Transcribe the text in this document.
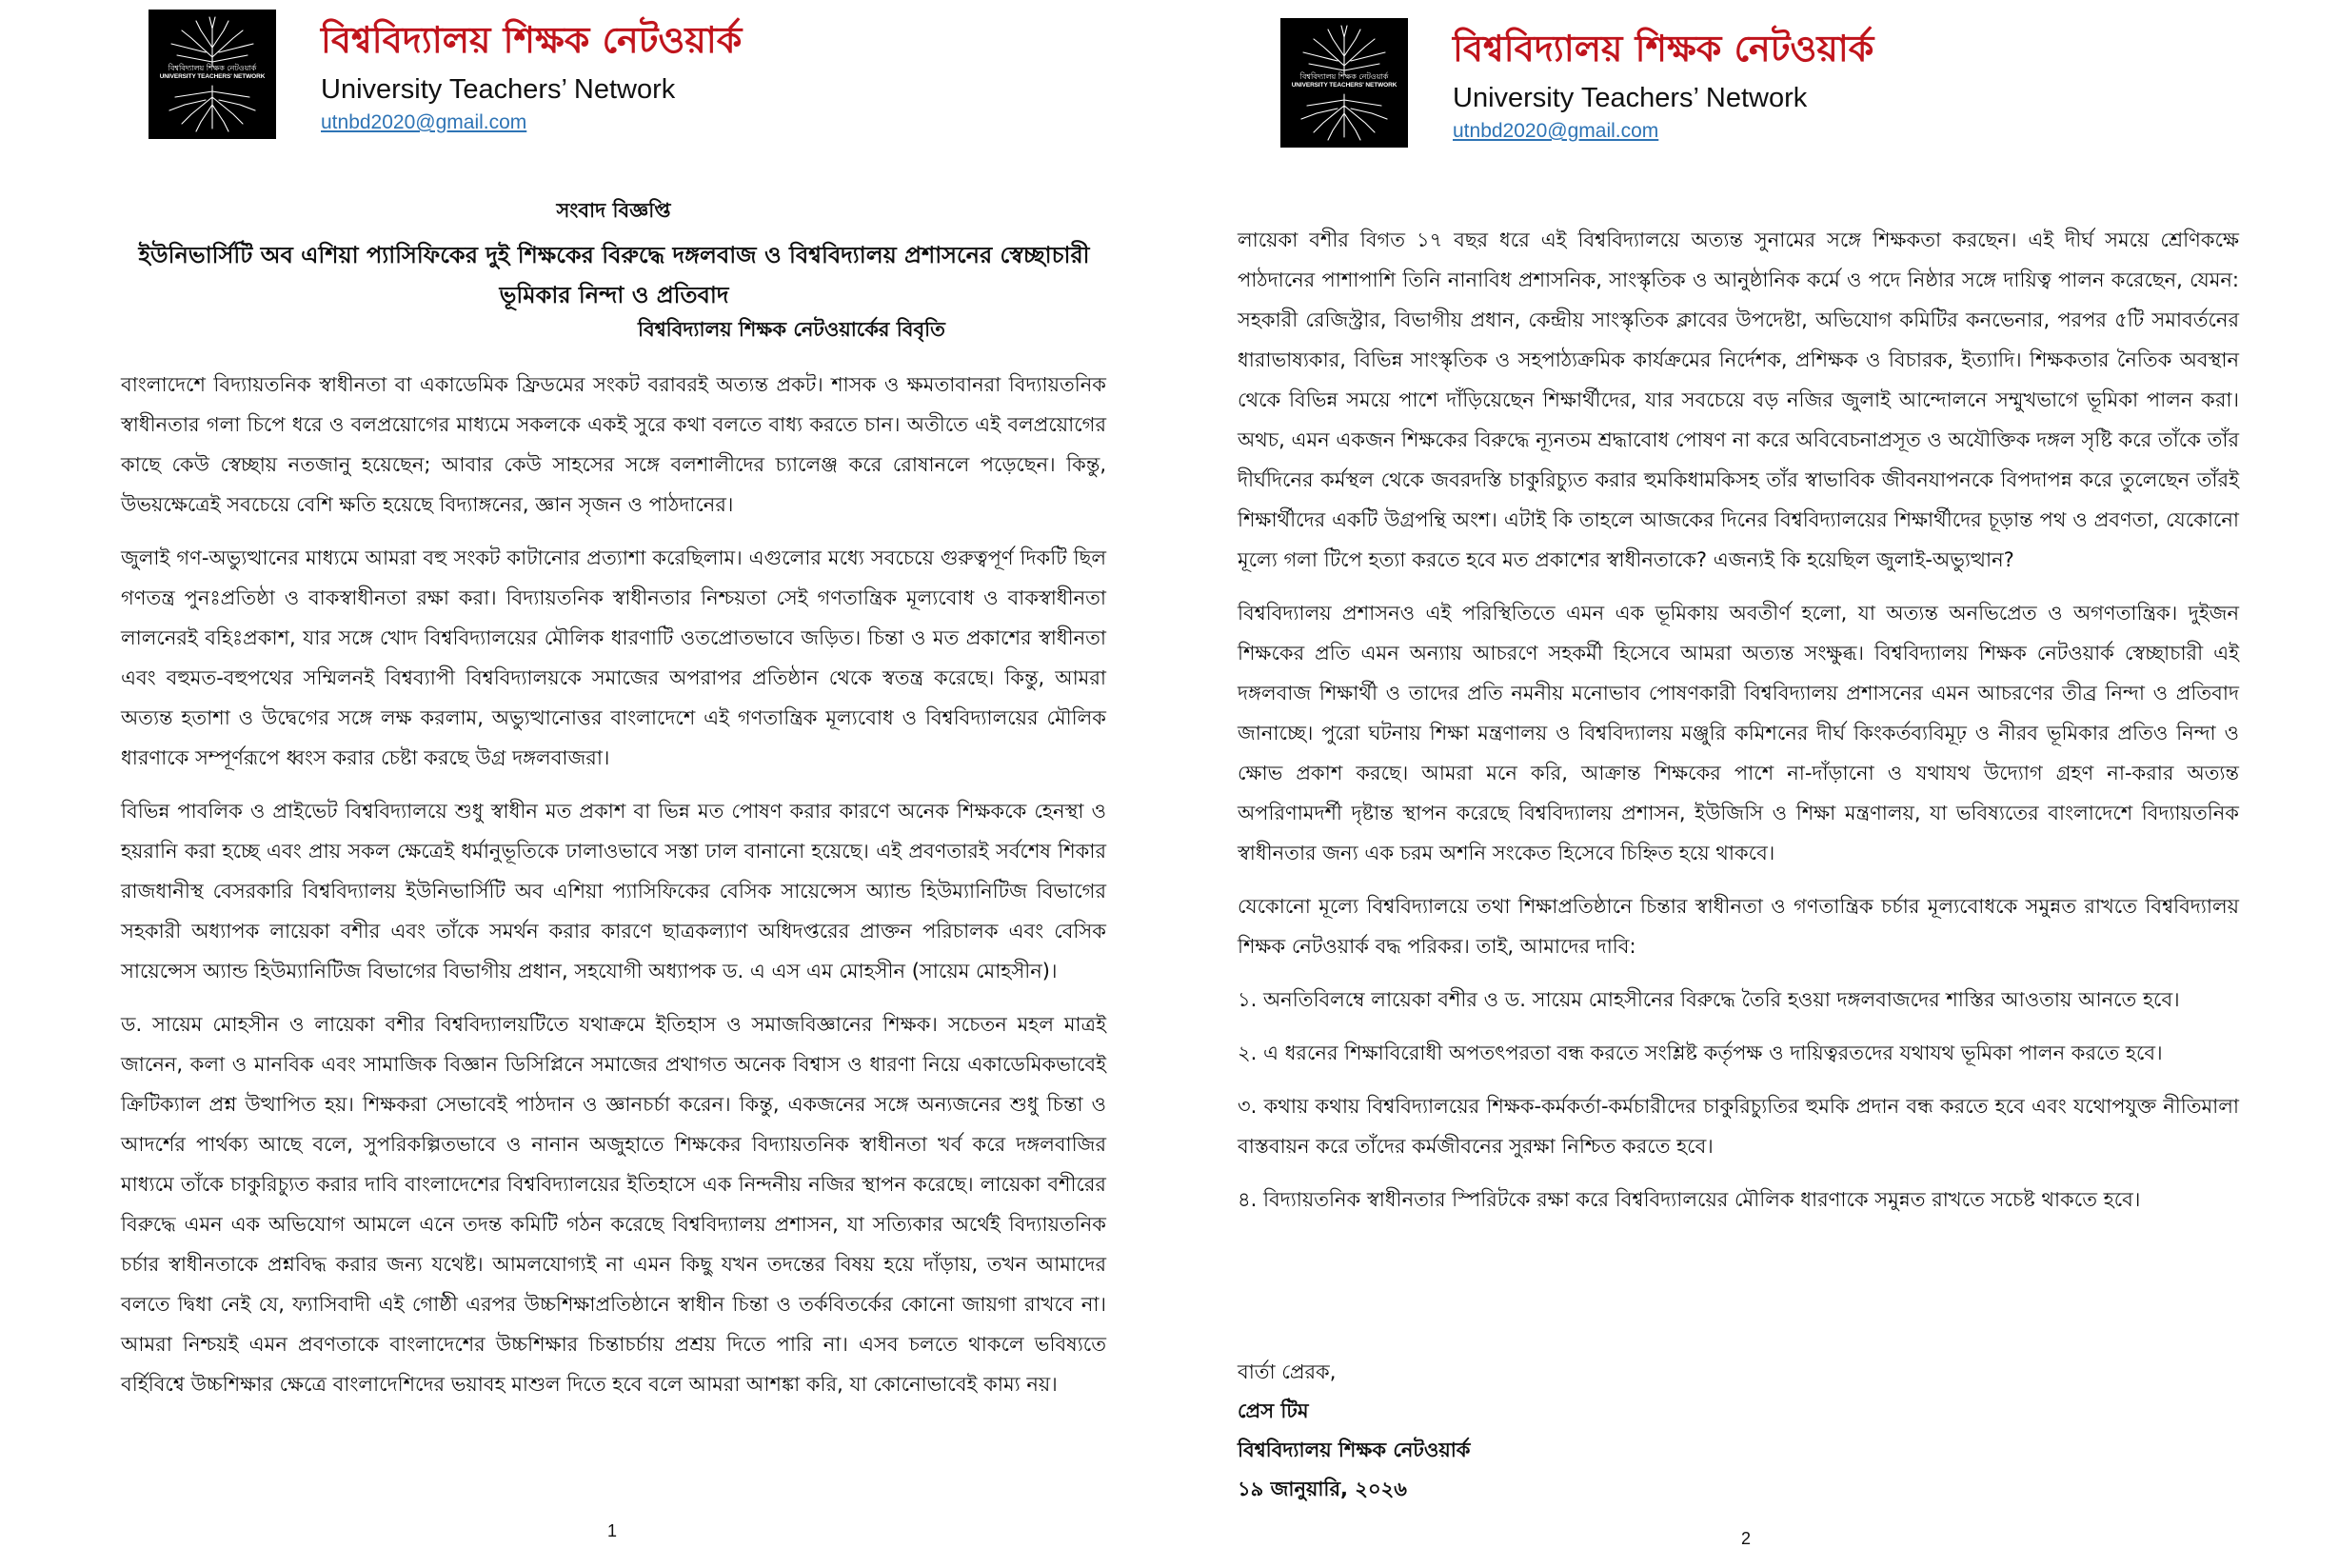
বিশ্ববিদ্যালয় শিক্ষক নেটওয়ার্ক
UNIVERSITY TEACHERS' NETWORK
বিশ্ববিদ্যালয় শিক্ষক নেটওয়ার্ক
University Teachers’ Network
utnbd2020@gmail.com
সংবাদ বিজ্ঞপ্তি
ইউনিভার্সিটি অব এশিয়া প্যাসিফিকের দুই শিক্ষকের বিরুদ্ধে দঙ্গলবাজ ও বিশ্ববিদ্যালয় প্রশাসনের স্বেচ্ছাচারী ভূমিকার নিন্দা ও প্রতিবাদ
বিশ্ববিদ্যালয় শিক্ষক নেটওয়ার্কের বিবৃতি

বাংলাদেশে বিদ্যায়তনিক স্বাধীনতা বা একাডেমিক ফ্রিডমের সংকট বরাবরই অত্যন্ত প্রকট। শাসক ও ক্ষমতাবানরা বিদ্যায়তনিক স্বাধীনতার গলা চিপে ধরে ও বলপ্রয়োগের মাধ্যমে সকলকে একই সুরে কথা বলতে বাধ্য করতে চান। অতীতে এই বলপ্রয়োগের কাছে কেউ স্বেচ্ছায় নতজানু হয়েছেন; আবার কেউ সাহসের সঙ্গে বলশালীদের চ্যালেঞ্জ করে রোষানলে পড়েছেন। কিন্তু, উভয়ক্ষেত্রেই সবচেয়ে বেশি ক্ষতি হয়েছে বিদ্যাঙ্গনের, জ্ঞান সৃজন ও পাঠদানের।

জুলাই গণ-অভ্যুত্থানের মাধ্যমে আমরা বহু সংকট কাটানোর প্রত্যাশা করেছিলাম। এগুলোর মধ্যে সবচেয়ে গুরুত্বপূর্ণ দিকটি ছিল গণতন্ত্র পুনঃপ্রতিষ্ঠা ও বাকস্বাধীনতা রক্ষা করা। বিদ্যায়তনিক স্বাধীনতার নিশ্চয়তা সেই গণতান্ত্রিক মূল্যবোধ ও বাকস্বাধীনতা লালনেরই বহিঃপ্রকাশ, যার সঙ্গে খোদ বিশ্ববিদ্যালয়ের মৌলিক ধারণাটি ওতপ্রোতভাবে জড়িত। চিন্তা ও মত প্রকাশের স্বাধীনতা এবং বহুমত-বহুপথের সম্মিলনই বিশ্বব্যাপী বিশ্ববিদ্যালয়কে সমাজের অপরাপর প্রতিষ্ঠান থেকে স্বতন্ত্র করেছে। কিন্তু, আমরা অত্যন্ত হতাশা ও উদ্বেগের সঙ্গে লক্ষ করলাম, অভ্যুত্থানোত্তর বাংলাদেশে এই গণতান্ত্রিক মূল্যবোধ ও বিশ্ববিদ্যালয়ের মৌলিক ধারণাকে সম্পূর্ণরূপে ধ্বংস করার চেষ্টা করছে উগ্র দঙ্গলবাজরা।

বিভিন্ন পাবলিক ও প্রাইভেট বিশ্ববিদ্যালয়ে শুধু স্বাধীন মত প্রকাশ বা ভিন্ন মত পোষণ করার কারণে অনেক শিক্ষককে হেনস্থা ও হয়রানি করা হচ্ছে এবং প্রায় সকল ক্ষেত্রেই ধর্মানুভূতিকে ঢালাওভাবে সস্তা ঢাল বানানো হয়েছে। এই প্রবণতারই সর্বশেষ শিকার রাজধানীস্থ বেসরকারি বিশ্ববিদ্যালয় ইউনিভার্সিটি অব এশিয়া প্যাসিফিকের বেসিক সায়েন্সেস অ্যান্ড হিউম্যানিটিজ বিভাগের সহকারী অধ্যাপক লায়েকা বশীর এবং তাঁকে সমর্থন করার কারণে ছাত্রকল্যাণ অধিদপ্তরের প্রাক্তন পরিচালক এবং বেসিক সায়েন্সেস অ্যান্ড হিউম্যানিটিজ বিভাগের বিভাগীয় প্রধান, সহযোগী অধ্যাপক ড. এ এস এম মোহসীন (সায়েম মোহসীন)।

ড. সায়েম মোহসীন ও লায়েকা বশীর বিশ্ববিদ্যালয়টিতে যথাক্রমে ইতিহাস ও সমাজবিজ্ঞানের শিক্ষক। সচেতন মহল মাত্রই জানেন, কলা ও মানবিক এবং সামাজিক বিজ্ঞান ডিসিপ্লিনে সমাজের প্রথাগত অনেক বিশ্বাস ও ধারণা নিয়ে একাডেমিকভাবেই ক্রিটিক্যাল প্রশ্ন উত্থাপিত হয়। শিক্ষকরা সেভাবেই পাঠদান ও জ্ঞানচর্চা করেন। কিন্তু, একজনের সঙ্গে অন্যজনের শুধু চিন্তা ও আদর্শের পার্থক্য আছে বলে, সুপরিকল্পিতভাবে ও নানান অজুহাতে শিক্ষকের বিদ্যায়তনিক স্বাধীনতা খর্ব করে দঙ্গলবাজির মাধ্যমে তাঁকে চাকুরিচ্যুত করার দাবি বাংলাদেশের বিশ্ববিদ্যালয়ের ইতিহাসে এক নিন্দনীয় নজির স্থাপন করেছে। লায়েকা বশীরের বিরুদ্ধে এমন এক অভিযোগ আমলে এনে তদন্ত কমিটি গঠন করেছে বিশ্ববিদ্যালয় প্রশাসন, যা সত্যিকার অর্থেই বিদ্যায়তনিক চর্চার স্বাধীনতাকে প্রশ্নবিদ্ধ করার জন্য যথেষ্ট। আমলযোগ্যই না এমন কিছু যখন তদন্তের বিষয় হয়ে দাঁড়ায়, তখন আমাদের বলতে দ্বিধা নেই যে, ফ্যাসিবাদী এই গোষ্ঠী এরপর উচ্চশিক্ষাপ্রতিষ্ঠানে স্বাধীন চিন্তা ও তর্কবিতর্কের কোনো জায়গা রাখবে না। আমরা নিশ্চয়ই এমন প্রবণতাকে বাংলাদেশের উচ্চশিক্ষার চিন্তাচর্চায় প্রশ্রয় দিতে পারি না। এসব চলতে থাকলে ভবিষ্যতে বর্হিবিশ্বে উচ্চশিক্ষার ক্ষেত্রে বাংলাদেশিদের ভয়াবহ মাশুল দিতে হবে বলে আমরা আশঙ্কা করি, যা কোনোভাবেই কাম্য নয়।

1
বিশ্ববিদ্যালয় শিক্ষক নেটওয়ার্ক
UNIVERSITY TEACHERS' NETWORK
বিশ্ববিদ্যালয় শিক্ষক নেটওয়ার্ক
University Teachers’ Network
utnbd2020@gmail.com

লায়েকা বশীর বিগত ১৭ বছর ধরে এই বিশ্ববিদ্যালয়ে অত্যন্ত সুনামের সঙ্গে শিক্ষকতা করছেন। এই দীর্ঘ সময়ে শ্রেণিকক্ষে পাঠদানের পাশাপাশি তিনি নানাবিধ প্রশাসনিক, সাংস্কৃতিক ও আনুষ্ঠানিক কর্মে ও পদে নিষ্ঠার সঙ্গে দায়িত্ব পালন করেছেন, যেমন: সহকারী রেজিস্ট্রার, বিভাগীয় প্রধান, কেন্দ্রীয় সাংস্কৃতিক ক্লাবের উপদেষ্টা, অভিযোগ কমিটির কনভেনার, পরপর ৫টি সমাবর্তনের ধারাভাষ্যকার, বিভিন্ন সাংস্কৃতিক ও সহপাঠ্যক্রমিক কার্যক্রমের নির্দেশক, প্রশিক্ষক ও বিচারক, ইত্যাদি। শিক্ষকতার নৈতিক অবস্থান থেকে বিভিন্ন সময়ে পাশে দাঁড়িয়েছেন শিক্ষার্থীদের, যার সবচেয়ে বড় নজির জুলাই আন্দোলনে সম্মুখভাগে ভূমিকা পালন করা। অথচ, এমন একজন শিক্ষকের বিরুদ্ধে ন্যূনতম শ্রদ্ধাবোধ পোষণ না করে অবিবেচনাপ্রসূত ও অযৌক্তিক দঙ্গল সৃষ্টি করে তাঁকে তাঁর দীর্ঘদিনের কর্মস্থল থেকে জবরদস্তি চাকুরিচ্যুত করার হুমকিধামকিসহ তাঁর স্বাভাবিক জীবনযাপনকে বিপদাপন্ন করে তুলেছেন তাঁরই শিক্ষার্থীদের একটি উগ্রপন্থি অংশ। এটাই কি তাহলে আজকের দিনের বিশ্ববিদ্যালয়ের শিক্ষার্থীদের চূড়ান্ত পথ ও প্রবণতা, যেকোনো মূল্যে গলা টিপে হত্যা করতে হবে মত প্রকাশের স্বাধীনতাকে? এজন্যই কি হয়েছিল জুলাই-অভ্যুত্থান?

বিশ্ববিদ্যালয় প্রশাসনও এই পরিস্থিতিতে এমন এক ভূমিকায় অবতীর্ণ হলো, যা অত্যন্ত অনভিপ্রেত ও অগণতান্ত্রিক। দুইজন শিক্ষকের প্রতি এমন অন্যায় আচরণে সহকর্মী হিসেবে আমরা অত্যন্ত সংক্ষুব্ধ। বিশ্ববিদ্যালয় শিক্ষক নেটওয়ার্ক স্বেচ্ছাচারী এই দঙ্গলবাজ শিক্ষার্থী ও তাদের প্রতি নমনীয় মনোভাব পোষণকারী বিশ্ববিদ্যালয় প্রশাসনের এমন আচরণের তীব্র নিন্দা ও প্রতিবাদ জানাচ্ছে। পুরো ঘটনায় শিক্ষা মন্ত্রণালয় ও বিশ্ববিদ্যালয় মঞ্জুরি কমিশনের দীর্ঘ কিংকর্তব্যবিমূঢ় ও নীরব ভূমিকার প্রতিও নিন্দা ও ক্ষোভ প্রকাশ করছে। আমরা মনে করি, আক্রান্ত শিক্ষকের পাশে না-দাঁড়ানো ও যথাযথ উদ্যোগ গ্রহণ না-করার অত্যন্ত অপরিণামদর্শী দৃষ্টান্ত স্থাপন করেছে বিশ্ববিদ্যালয় প্রশাসন, ইউজিসি ও শিক্ষা মন্ত্রণালয়, যা ভবিষ্যতের বাংলাদেশে বিদ্যায়তনিক স্বাধীনতার জন্য এক চরম অশনি সংকেত হিসেবে চিহ্নিত হয়ে থাকবে।

যেকোনো মূল্যে বিশ্ববিদ্যালয়ে তথা শিক্ষাপ্রতিষ্ঠানে চিন্তার স্বাধীনতা ও গণতান্ত্রিক চর্চার মূল্যবোধকে সমুন্নত রাখতে বিশ্ববিদ্যালয় শিক্ষক নেটওয়ার্ক বদ্ধ পরিকর। তাই, আমাদের দাবি:

১. অনতিবিলম্বে লায়েকা বশীর ও ড. সায়েম মোহসীনের বিরুদ্ধে তৈরি হওয়া দঙ্গলবাজদের শাস্তির আওতায় আনতে হবে।

২. এ ধরনের শিক্ষাবিরোধী অপতৎপরতা বন্ধ করতে সংশ্লিষ্ট কর্তৃপক্ষ ও দায়িত্বরতদের যথাযথ ভূমিকা পালন করতে হবে।

৩. কথায় কথায় বিশ্ববিদ্যালয়ের শিক্ষক-কর্মকর্তা-কর্মচারীদের চাকুরিচ্যুতির হুমকি প্রদান বন্ধ করতে হবে এবং যথোপযুক্ত নীতিমালা বাস্তবায়ন করে তাঁদের কর্মজীবনের সুরক্ষা নিশ্চিত করতে হবে।

৪. বিদ্যায়তনিক স্বাধীনতার স্পিরিটকে রক্ষা করে বিশ্ববিদ্যালয়ের মৌলিক ধারণাকে সমুন্নত রাখতে সচেষ্ট থাকতে হবে।

বার্তা প্রেরক,
প্রেস টিম
বিশ্ববিদ্যালয় শিক্ষক নেটওয়ার্ক
১৯ জানুয়ারি, ২০২৬
2
